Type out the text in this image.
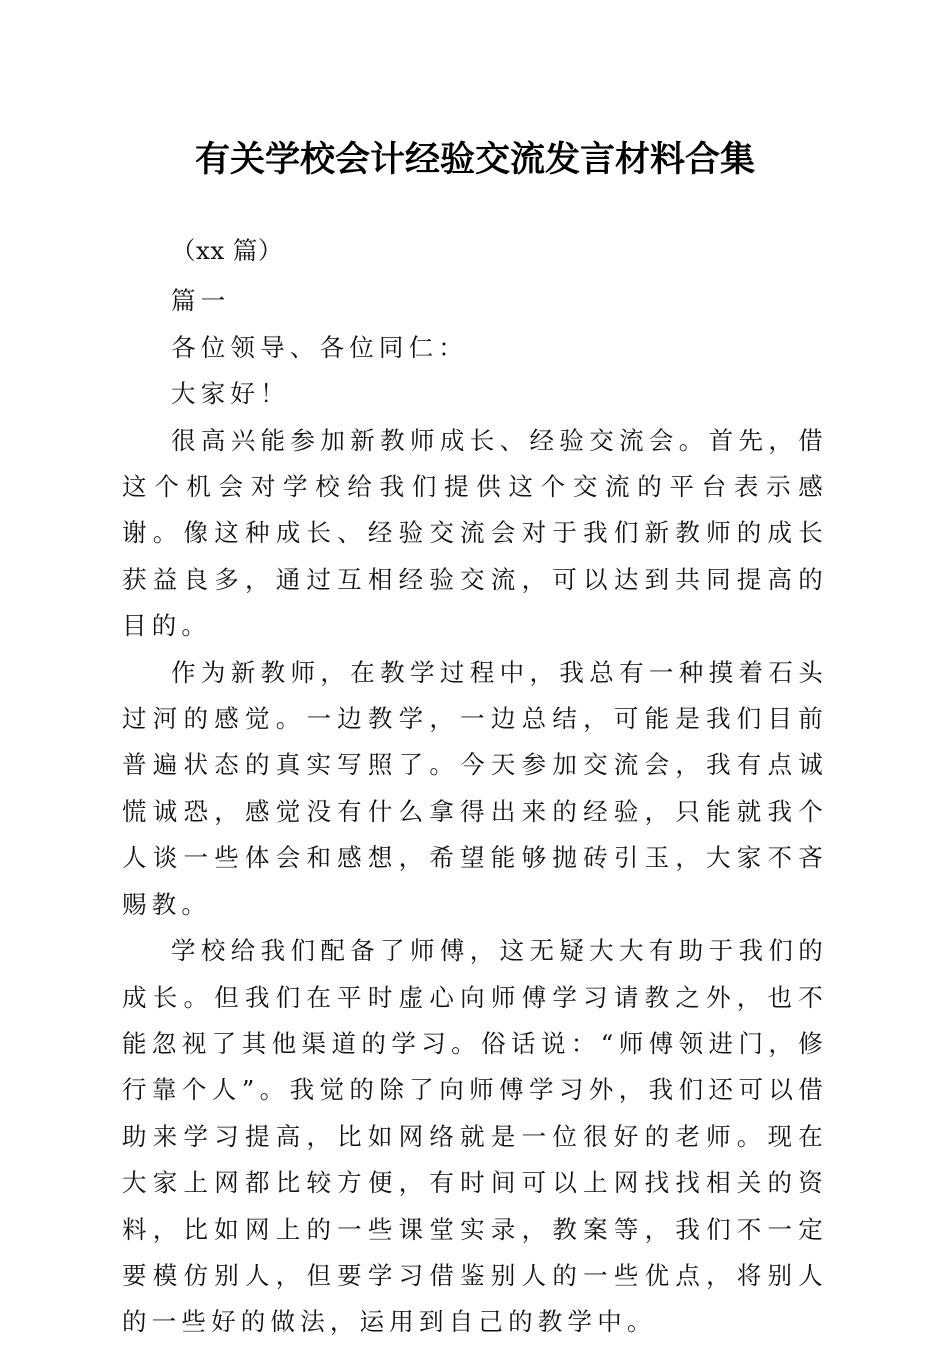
有关学校会计经验交流发言材料合集

（xx 篇）

篇一

各位领导、各位同仁：

大家好！

很高兴能参加新教师成长、经验交流会。首先，借这个机会对学校给我们提供这个交流的平台表示感谢。像这种成长、经验交流会对于我们新教师的成长获益良多，通过互相经验交流，可以达到共同提高的目的。

作为新教师，在教学过程中，我总有一种摸着石头过河的感觉。一边教学，一边总结，可能是我们目前普遍状态的真实写照了。今天参加交流会，我有点诚慌诚恐，感觉没有什么拿得出来的经验，只能就我个人谈一些体会和感想，希望能够抛砖引玉，大家不吝赐教。

学校给我们配备了师傅，这无疑大大有助于我们的成长。但我们在平时虚心向师傅学习请教之外，也不能忽视了其他渠道的学习。俗话说：“师傅领进门，修行靠个人”。我觉的除了向师傅学习外，我们还可以借助来学习提高，比如网络就是一位很好的老师。现在大家上网都比较方便，有时间可以上网找找相关的资料，比如网上的一些课堂实录，教案等，我们不一定要模仿别人，但要学习借鉴别人的一些优点，将别人的一些好的做法，运用到自己的教学中。
